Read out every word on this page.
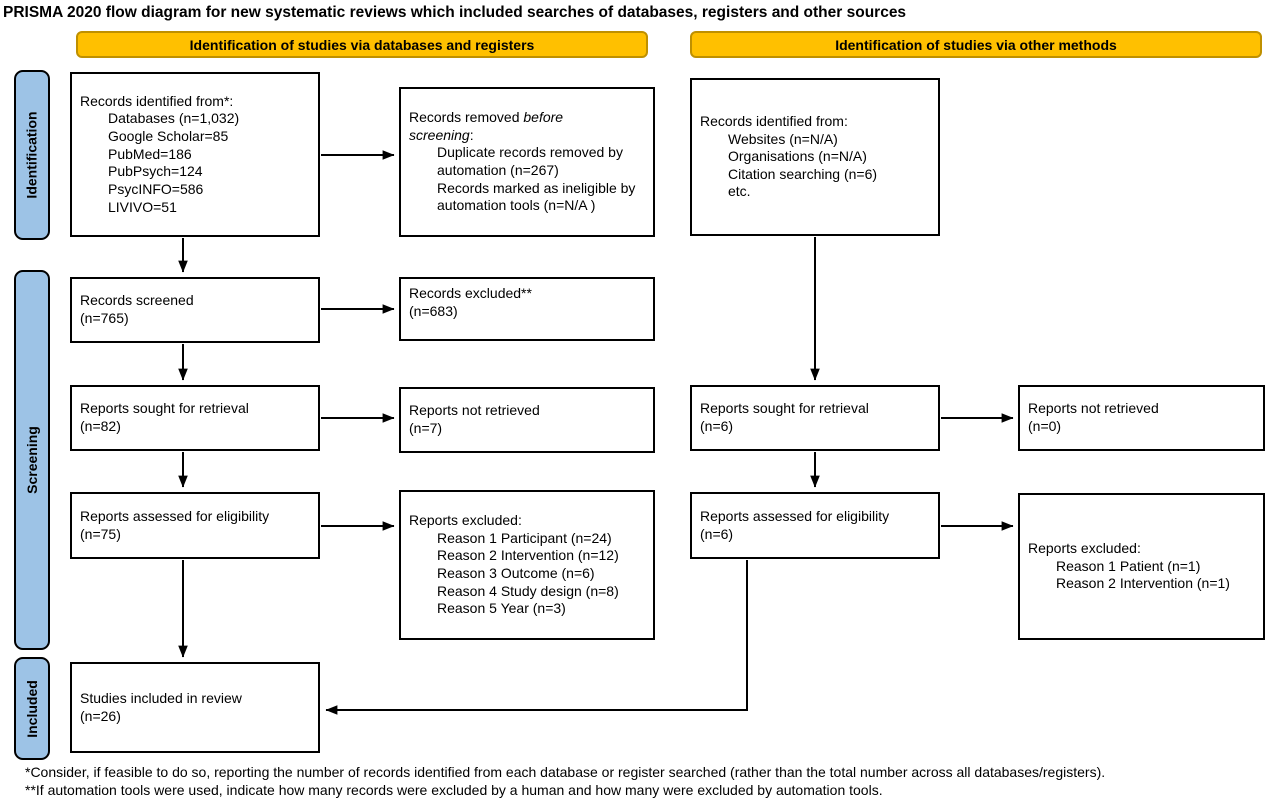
PRISMA 2020 flow diagram for new systematic reviews which included searches of databases, registers and other sources
Identification of studies via databases and registers	Identification of studies via other methods
Identification
Screening
Included
Records identified from*:
Databases (n=1,032)
Google Scholar=85
PubMed=186
PubPsych=124
PsycINFO=586
LIVIVO=51
Records removed before screening:
Duplicate records removed by automation (n=267)
Records marked as ineligible by automation tools (n=N/A )
Records identified from:
Websites (n=N/A)
Organisations (n=N/A)
Citation searching (n=6)
etc.
Records screened
(n=765)
Records excluded**
(n=683)
Reports sought for retrieval
(n=82)
Reports not retrieved
(n=7)
Reports sought for retrieval
(n=6)
Reports not retrieved
(n=0)
Reports assessed for eligibility
(n=75)
Reports excluded:
Reason 1 Participant (n=24)
Reason 2 Intervention (n=12)
Reason 3 Outcome (n=6)
Reason 4 Study design (n=8)
Reason 5 Year (n=3)
Reports assessed for eligibility
(n=6)
Reports excluded:
Reason 1 Patient (n=1)
Reason 2 Intervention (n=1)
Studies included in review
(n=26)
*Consider, if feasible to do so, reporting the number of records identified from each database or register searched (rather than the total number across all databases/registers).
**If automation tools were used, indicate how many records were excluded by a human and how many were excluded by automation tools.
